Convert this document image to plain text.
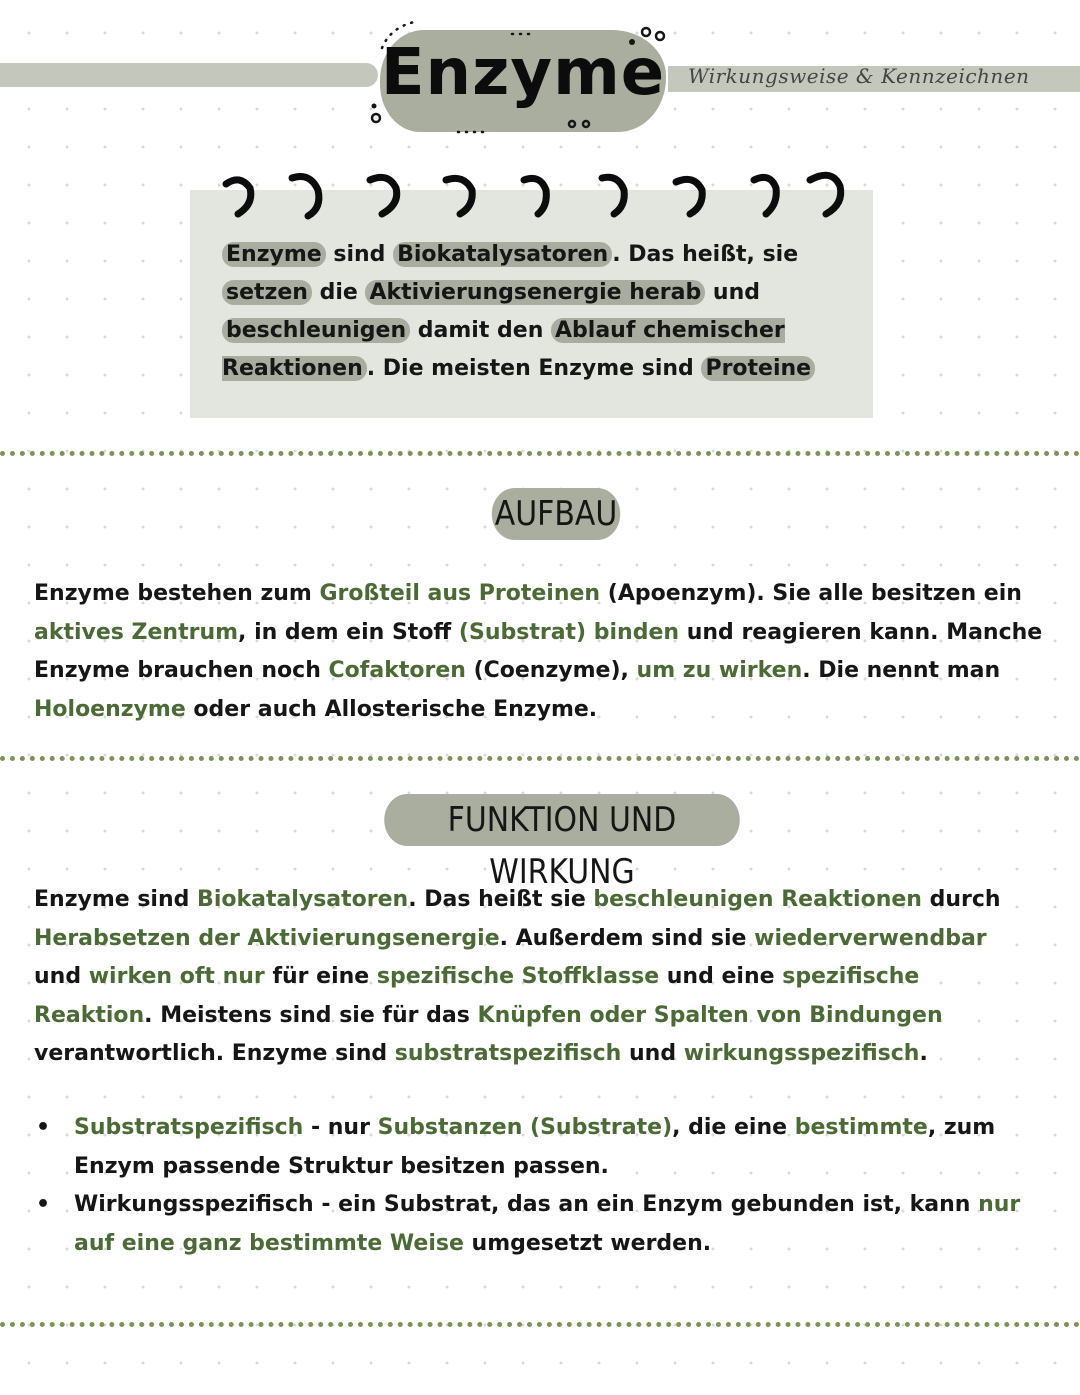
Wirkungsweise & Kennzeichnen
Enzyme
Enzyme sind Biokatalysatoren . Das heißt, sie setzen die Aktivierungsenergie herab und beschleunigen damit den Ablauf chemischer Reaktionen . Die meisten Enzyme sind Proteine
AUFBAU
Enzyme bestehen zum Großteil aus Proteinen (Apoenzym). Sie alle besitzen ein aktives Zentrum, in dem ein Stoff (Substrat) binden und reagieren kann. Manche Enzyme brauchen noch Cofaktoren (Coenzyme), um zu wirken. Die nennt man Holoenzyme oder auch Allosterische Enzyme.
FUNKTION UND WIRKUNG
Enzyme sind Biokatalysatoren. Das heißt sie beschleunigen Reaktionen durch Herabsetzen der Aktivierungsenergie. Außerdem sind sie wiederverwendbar und wirken oft nur für eine spezifische Stoffklasse und eine spezifische Reaktion. Meistens sind sie für das Knüpfen oder Spalten von Bindungen verantwortlich. Enzyme sind substratspezifisch und wirkungsspezifisch.
• Substratspezifisch - nur Substanzen (Substrate), die eine bestimmte, zum Enzym passende Struktur besitzen passen.
• Wirkungsspezifisch - ein Substrat, das an ein Enzym gebunden ist, kann nur auf eine ganz bestimmte Weise umgesetzt werden.
